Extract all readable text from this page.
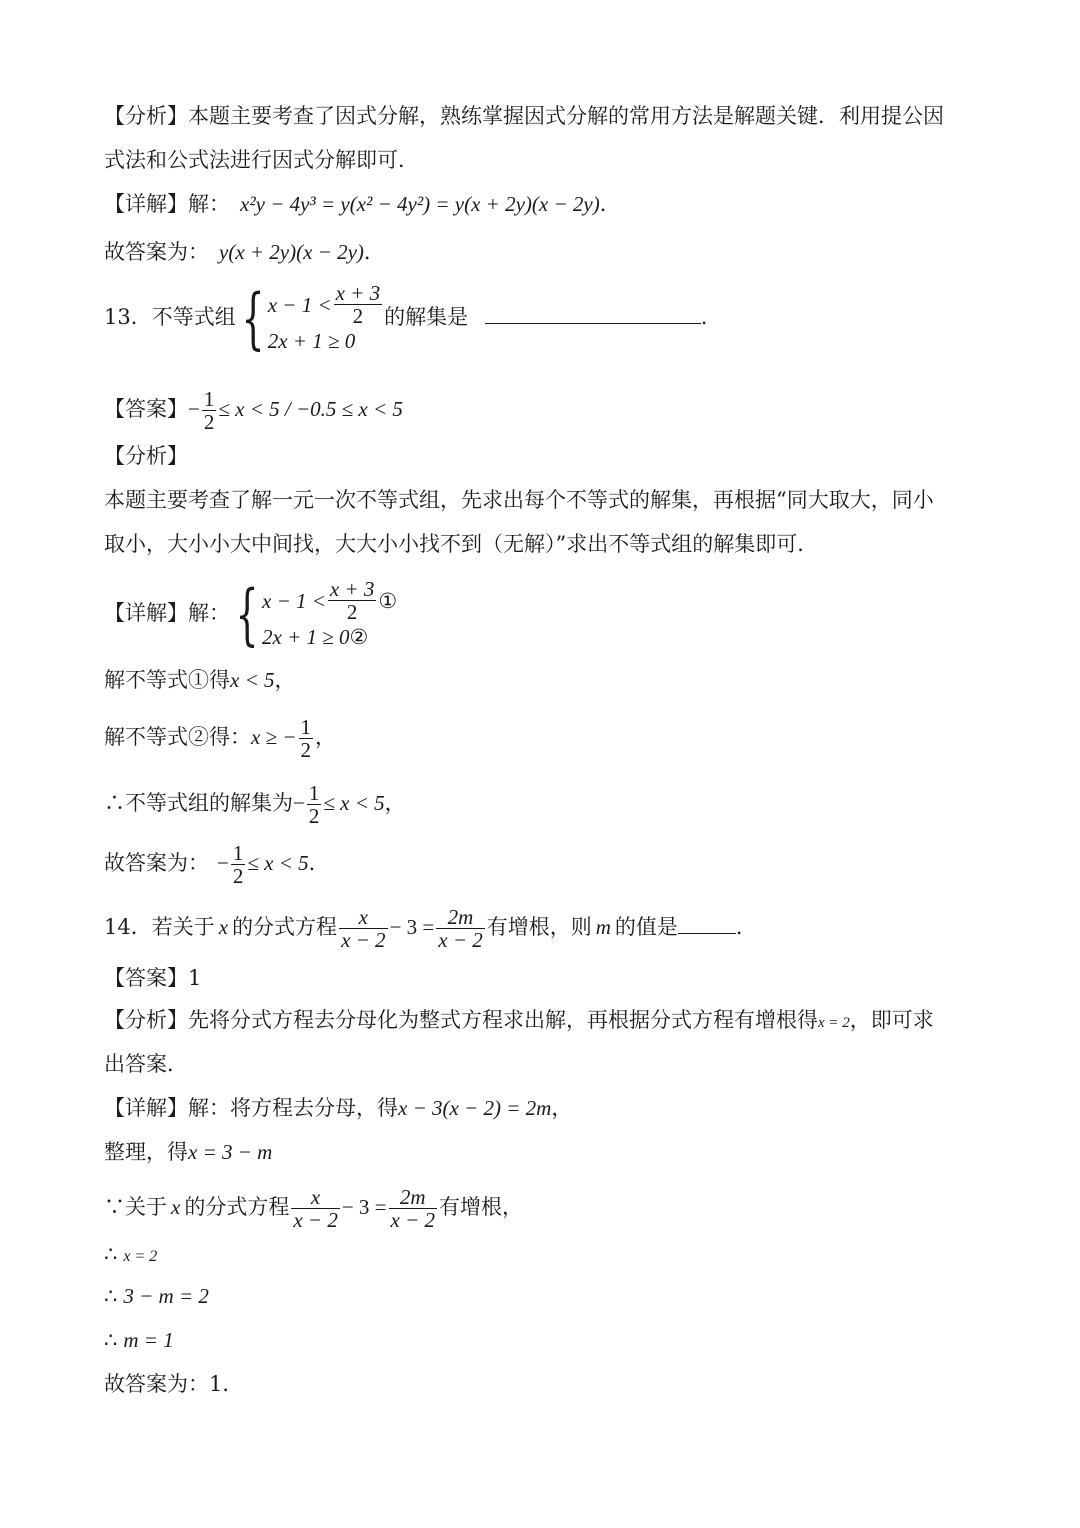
【分析】本题主要考查了因式分解，熟练掌握因式分解的常用方法是解题关键．利用提公因
式法和公式法进行因式分解即可．
【详解】解： x²y − 4y³ = y(x² − 4y²) = y(x + 2y)(x − 2y)．
故答案为： y(x + 2y)(x − 2y)．
13．不等式组 { $x - 1 < \frac{x + 3}{2}$
2x + 1 ≥ 0
的解集是	．
【答案】− $\frac{1}{2} \le x < 5 / -0.5 \le x < 5$
【分析】
本题主要考查了解一元一次不等式组，先求出每个不等式的解集，再根据“同大取大，同小
取小，大小小大中间找，大大小小找不到（无解）”求出不等式组的解集即可．
【详解】解： { $x - 1 < \frac{x + 3}{2}$ ①
2x + 1 ≥ 0 ②
解不等式①得x < 5，
解不等式②得：x ≥ − $\frac{1}{2}$ ，
∴不等式组的解集为− $\frac{1}{2} \le x < 5$，
故答案为： − $\frac{1}{2} \le x < 5$．
14．若关于 x 的分式方程 $\frac{x}{x - 2} - 3 = \frac{2m}{x - 2}$ 有增根，则 m 的值是	．
【答案】1
【分析】先将分式方程去分母化为整式方程求出解，再根据分式方程有增根得x = 2，即可求
出答案．
【详解】解：将方程去分母，得x − 3(x − 2) = 2m，
整理，得x = 3 − m
∵关于 x 的分式方程 $\frac{x}{x - 2} - 3 = \frac{2m}{x - 2}$ 有增根，
∴ x = 2
∴ 3 − m = 2
∴ m = 1
故答案为：1．
